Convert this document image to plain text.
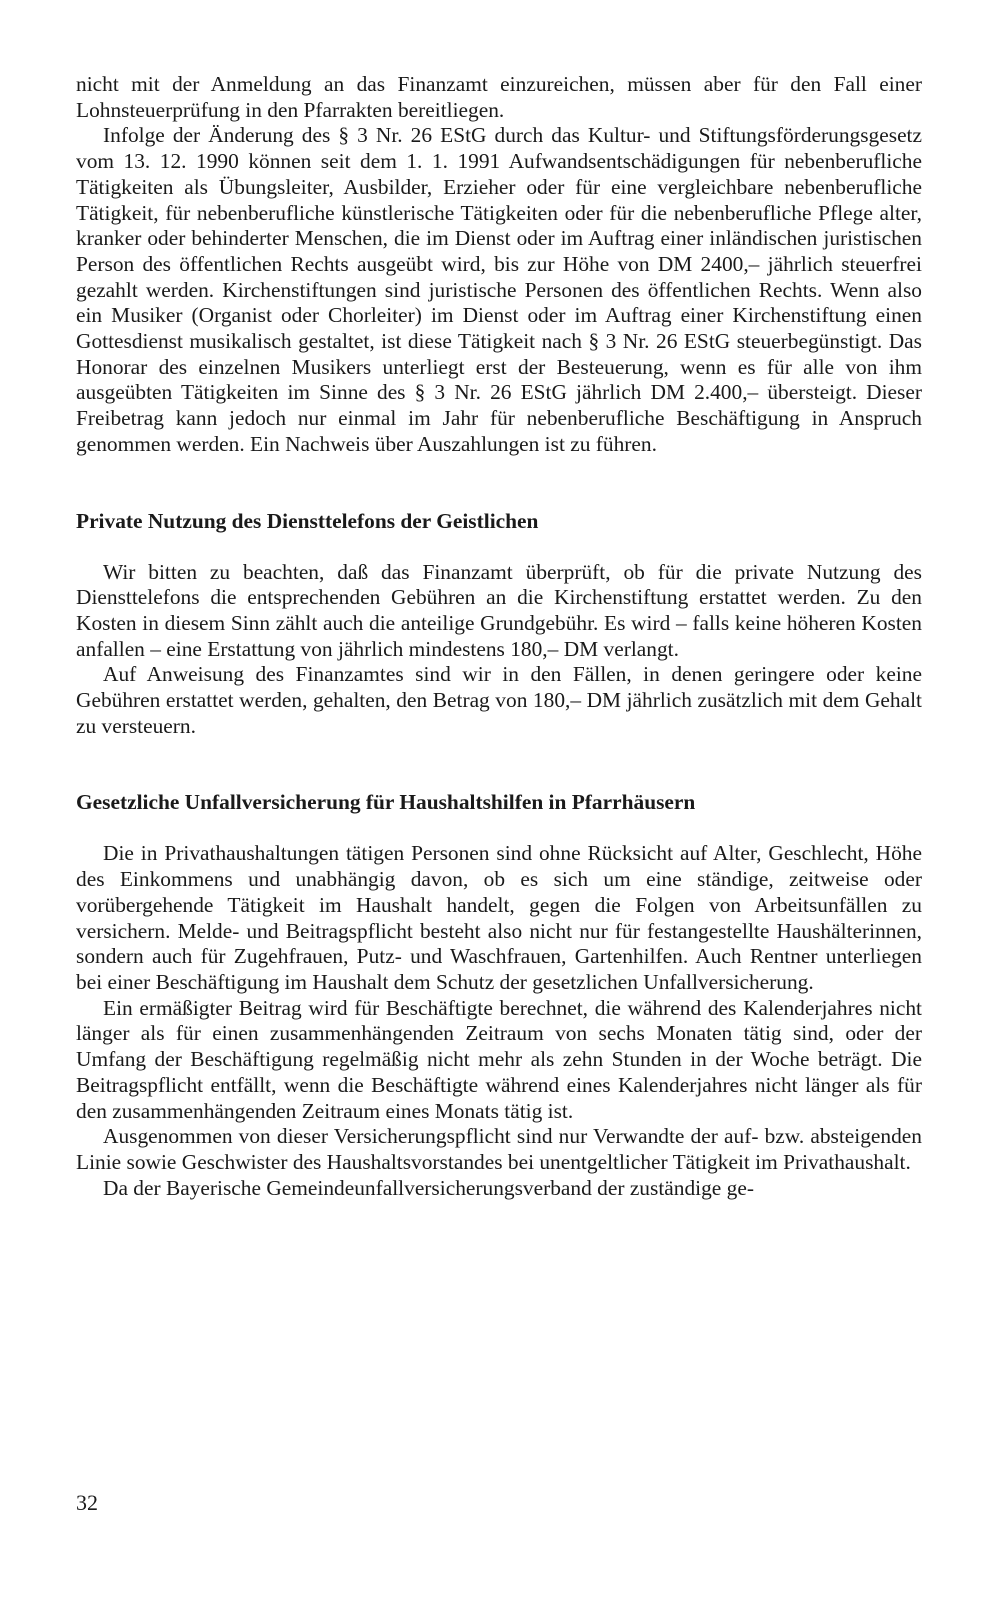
nicht mit der Anmeldung an das Finanzamt einzureichen, müssen aber für den Fall einer Lohnsteuerprüfung in den Pfarrakten bereitliegen.

Infolge der Änderung des § 3 Nr. 26 EStG durch das Kultur- und Stiftungsförderungsgesetz vom 13. 12. 1990 können seit dem 1. 1. 1991 Aufwandsentschädigungen für nebenberufliche Tätigkeiten als Übungsleiter, Ausbilder, Erzieher oder für eine vergleichbare nebenberufliche Tätigkeit, für nebenberufliche künstlerische Tätigkeiten oder für die nebenberufliche Pflege alter, kranker oder behinderter Menschen, die im Dienst oder im Auftrag einer inländischen juristischen Person des öffentlichen Rechts ausgeübt wird, bis zur Höhe von DM 2400,– jährlich steuerfrei gezahlt werden. Kirchenstiftungen sind juristische Personen des öffentlichen Rechts. Wenn also ein Musiker (Organist oder Chorleiter) im Dienst oder im Auftrag einer Kirchenstiftung einen Gottesdienst musikalisch gestaltet, ist diese Tätigkeit nach § 3 Nr. 26 EStG steuerbegünstigt. Das Honorar des einzelnen Musikers unterliegt erst der Besteuerung, wenn es für alle von ihm ausgeübten Tätigkeiten im Sinne des § 3 Nr. 26 EStG jährlich DM 2.400,– übersteigt. Dieser Freibetrag kann jedoch nur einmal im Jahr für nebenberufliche Beschäftigung in Anspruch genommen werden. Ein Nachweis über Auszahlungen ist zu führen.

Private Nutzung des Diensttelefons der Geistlichen

Wir bitten zu beachten, daß das Finanzamt überprüft, ob für die private Nutzung des Diensttelefons die entsprechenden Gebühren an die Kirchenstiftung erstattet werden. Zu den Kosten in diesem Sinn zählt auch die anteilige Grundgebühr. Es wird – falls keine höheren Kosten anfallen – eine Erstattung von jährlich mindestens 180,– DM verlangt.

Auf Anweisung des Finanzamtes sind wir in den Fällen, in denen geringere oder keine Gebühren erstattet werden, gehalten, den Betrag von 180,– DM jährlich zusätzlich mit dem Gehalt zu versteuern.

Gesetzliche Unfallversicherung für Haushaltshilfen in Pfarrhäusern

Die in Privathaushaltungen tätigen Personen sind ohne Rücksicht auf Alter, Geschlecht, Höhe des Einkommens und unabhängig davon, ob es sich um eine ständige, zeitweise oder vorübergehende Tätigkeit im Haushalt handelt, gegen die Folgen von Arbeitsunfällen zu versichern. Melde- und Beitragspflicht besteht also nicht nur für festangestellte Haushälterinnen, sondern auch für Zugehfrauen, Putz- und Waschfrauen, Gartenhilfen. Auch Rentner unterliegen bei einer Beschäftigung im Haushalt dem Schutz der gesetzlichen Unfallversicherung.

Ein ermäßigter Beitrag wird für Beschäftigte berechnet, die während des Kalenderjahres nicht länger als für einen zusammenhängenden Zeitraum von sechs Monaten tätig sind, oder der Umfang der Beschäftigung regelmäßig nicht mehr als zehn Stunden in der Woche beträgt. Die Beitragspflicht entfällt, wenn die Beschäftigte während eines Kalenderjahres nicht länger als für den zusammenhängenden Zeitraum eines Monats tätig ist.

Ausgenommen von dieser Versicherungspflicht sind nur Verwandte der auf- bzw. absteigenden Linie sowie Geschwister des Haushaltsvorstandes bei unentgeltlicher Tätigkeit im Privathaushalt.

Da der Bayerische Gemeindeunfallversicherungsverband der zuständige ge-

32
